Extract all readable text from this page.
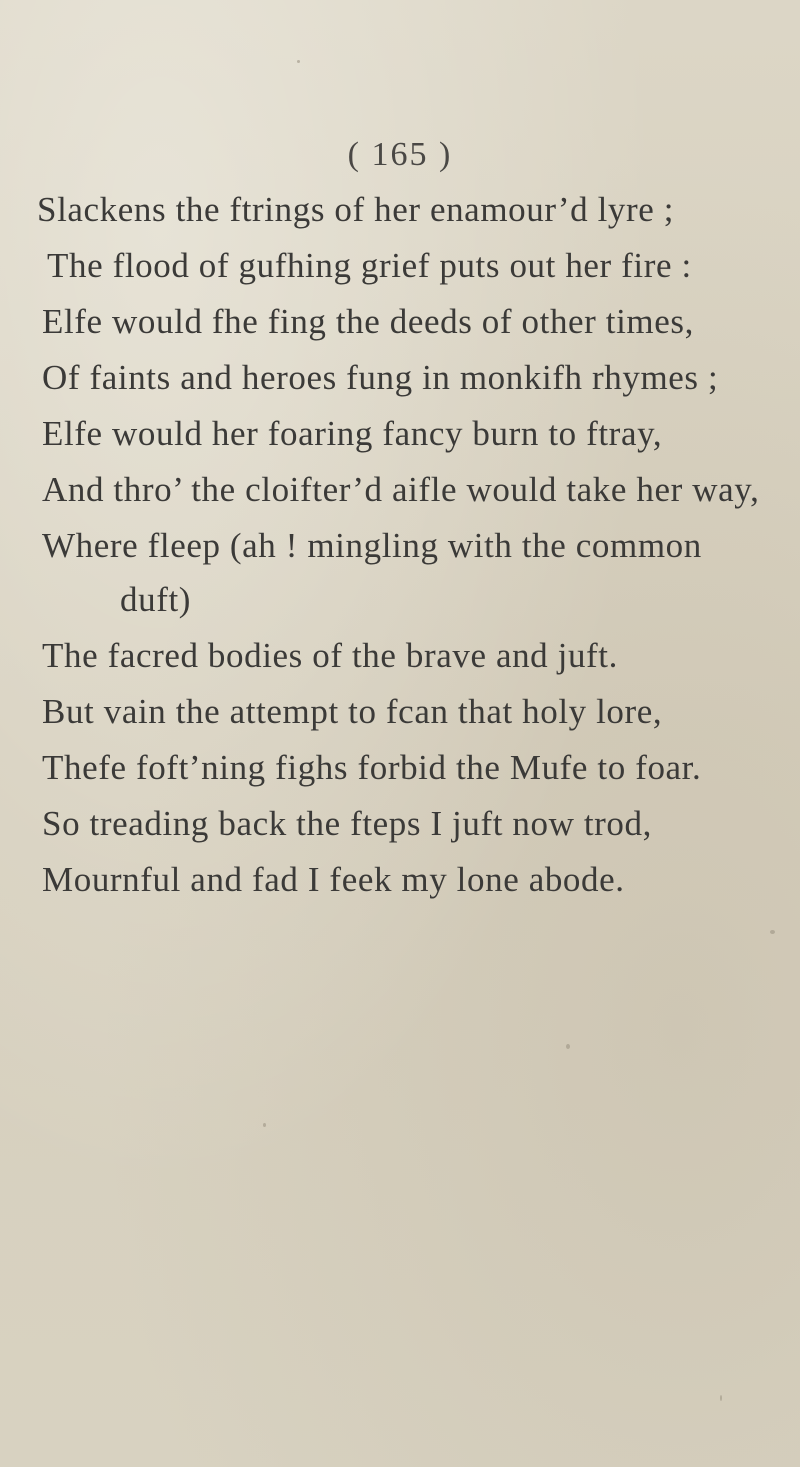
( 165 )
Slackens the ftrings of her enamour’d lyre ;
The flood of gufhing grief puts out her fire :
Elfe would fhe fing the deeds of other times,
Of faints and heroes fung in monkifh rhymes ;
Elfe would her foaring fancy burn to ftray,
And thro’ the cloifter’d aifle would take her way,
Where fleep (ah ! mingling with the common
duft)
The facred bodies of the brave and juft.
But vain the attempt to fcan that holy lore,
Thefe foft’ning fighs forbid the Mufe to foar.
So treading back the fteps I juft now trod,
Mournful and fad I feek my lone abode.
